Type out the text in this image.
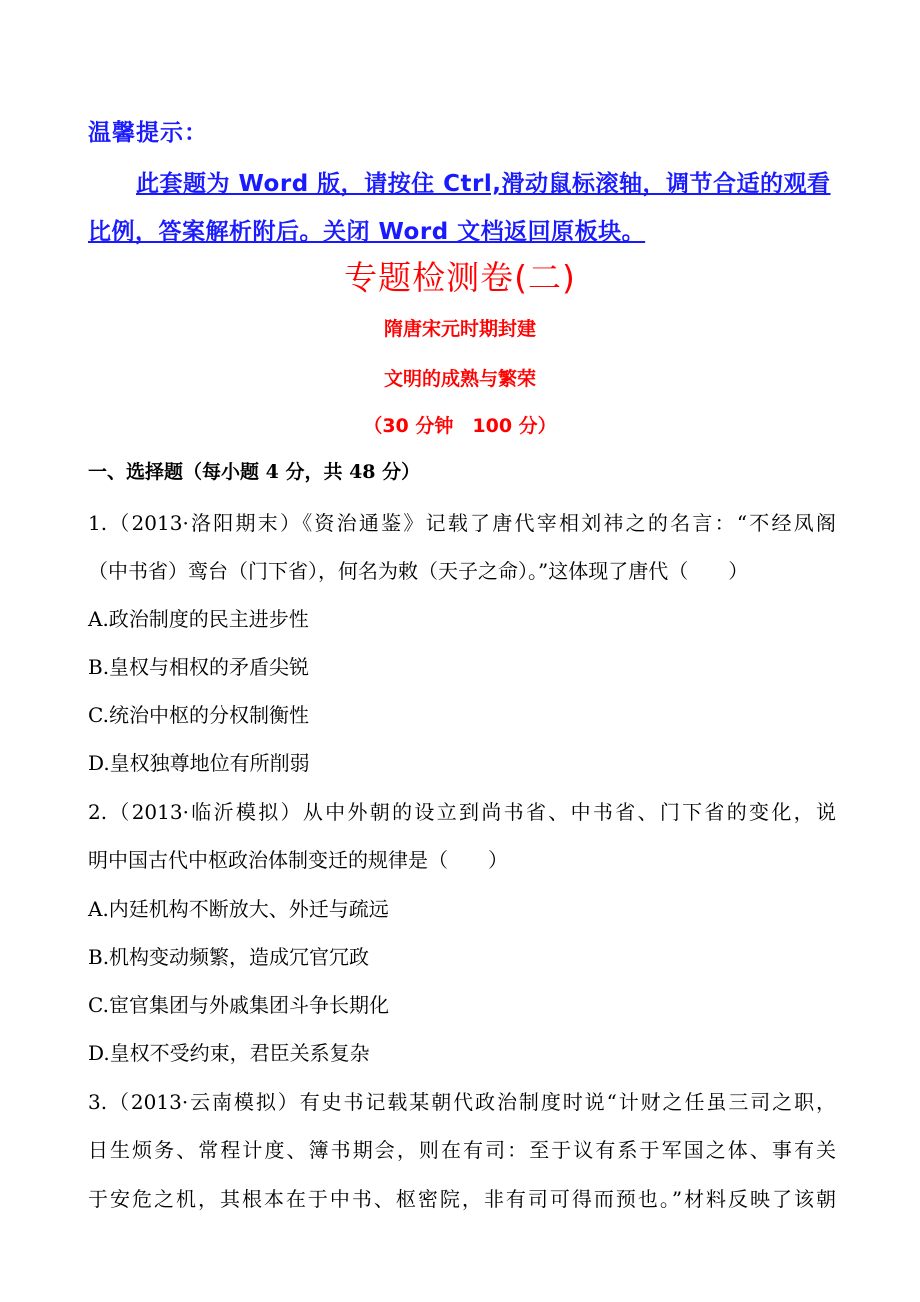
温馨提示：
此套题为 Word 版，请按住 Ctrl,滑动鼠标滚轴，调节合适的观看比例，答案解析附后。关闭 Word 文档返回原板块。
专题检测卷(二)
隋唐宋元时期封建
文明的成熟与繁荣
（30 分钟　100 分）
一、选择题（每小题 4 分，共 48 分）
1.（2013·洛阳期末）《资治通鉴》记载了唐代宰相刘祎之的名言：“不经凤阁
（中书省）鸾台（门下省），何名为敕（天子之命）。”这体现了唐代（　　）
A.政治制度的民主进步性
B.皇权与相权的矛盾尖锐
C.统治中枢的分权制衡性
D.皇权独尊地位有所削弱
2.（2013·临沂模拟）从中外朝的设立到尚书省、中书省、门下省的变化，说
明中国古代中枢政治体制变迁的规律是（　　）
A.内廷机构不断放大、外迁与疏远
B.机构变动频繁，造成冗官冗政
C.宦官集团与外戚集团斗争长期化
D.皇权不受约束，君臣关系复杂
3.（2013·云南模拟）有史书记载某朝代政治制度时说“计财之任虽三司之职，
日生烦务、常程计度、簿书期会，则在有司：至于议有系于军国之体、事有关
于安危之机，其根本在于中书、枢密院，非有司可得而预也。”材料反映了该朝
